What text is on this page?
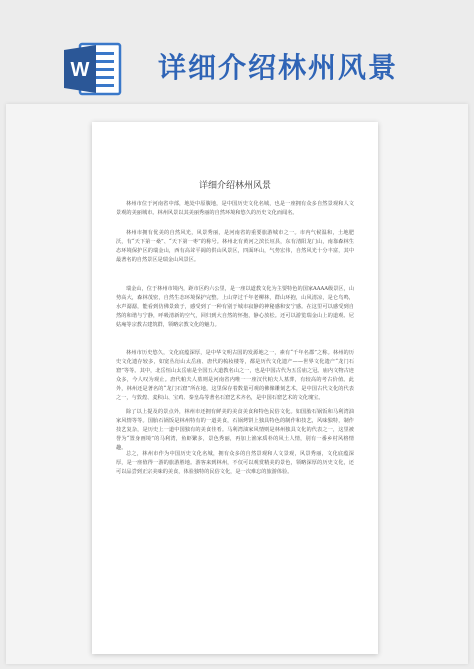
W 详细介绍林州风景
详细介绍林州风景

林州市位于河南省中部，地处中原腹地，是中国历史文化名城，也是一座拥有众多自然景观和人文景观的美丽城市。林州风景以其美丽秀丽的自然环境和悠久的历史文化而闻名。

林州市拥有优美的自然风光，风景秀丽，是河南省的重要旅游城市之一。市内气候温和，土地肥沃，有“天下第一桑”、“天下第一枣”的称号。林州北有黄河之滨长垣县，东有清阳龙门山，南靠森林生态环境保护区的瑞金山，西有高耸平阔的供山风景区，四面环山，气势宏伟，自然风光十分丰富，其中最著名的自然景区是瑞金山风景区。

瑞金山，位于林州市境内，距市区约六公里，是一座以道教文化为主要特色的国家AAAA级景区，山势高大，森林茂密，自然生态环境保护完整。上山穿过千年老柳林，群山环抱，山风清凉，是仑鸟鸣，水声潺潺，能看到仿佛景致于，感受到了一种有别于城市寂静的神秘感和安宁感。在这里可以感受到自然的和谐与宁静，呼吸清新的空气，回归到大自然的怀抱，静心放松。还可以游览瑞金山上的道观、尼姑庵等宗教古建筑群，领略宗教文化的魅力。

林州市历史悠久，文化底蕴深厚，是中华文明古国的发源地之一，素有“千年名郡”之称。林州的历史文化遗存较多，如宽丛衍山太岳庙、唐代的梳妆楼等，都是历代文化遗产——世界文化遗产“龙门石窟”等等。其中，北岳恒山太岳庙是全国五大道教名山之一，也是中国古代为五岳庙之冠。庙内文物古迹众多，今人叹为观止。唐代帕夫人墓则是河南省内唯一一座汉代帕夫人墓葬，有较高的考古价值。此外，林州还是著名的“龙门石窟”所在地，这里保存着数量可观的佛像雕刻艺术，是中国古代文化的代表之一，与敦煌、麦积山、宝鸡、秦皇岛等著名石窟艺术齐名，是中国石窟艺术的文化瑰宝。

除了以上提及的景点外，林州市还拥有鲜美的美食美食和特色民俗文化。如国胎石锅饭和马利湾油家风情等等。国胎石锅饭是林州特有的一道美食，石锅烤饼上独具特色的制作和技艺，风味独特，制作技艺复杂，是历史上一道中国独有的美食佳肴。马利湾油家风情则是林州独具文化的代表之一，这里被誉为“置身画境”的马利湾，鱼虾繁多，景色秀丽，再加上渔家质朴的风土人情，别有一番乡村风格情趣。

总之，林州市作为中国历史文化名城，拥有众多的自然景观和人文景观，风景秀丽，文化底蕴深厚，是一座值得一游的旅游胜地。游客来到林州，不仅可以观赏精美的景色，领略深厚的历史文化，还可以品尝到正宗美味的美食，体验独特的民俗文化，是一次难忘的旅游体验。
